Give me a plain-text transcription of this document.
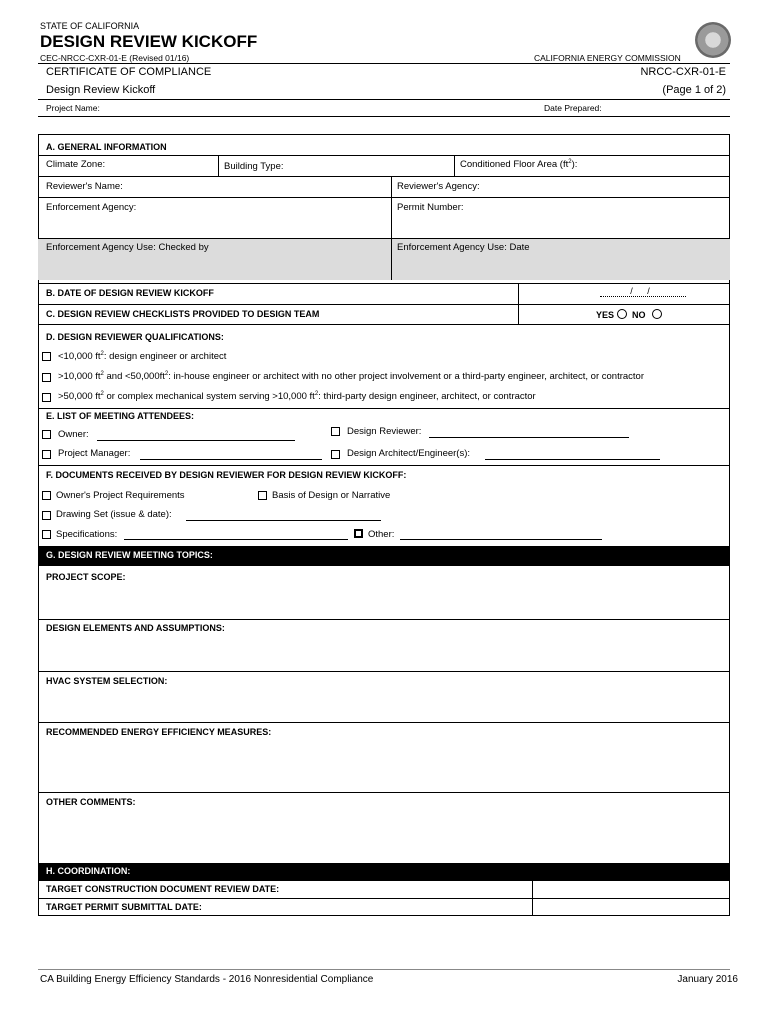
STATE OF CALIFORNIA
DESIGN REVIEW KICKOFF
CEC-NRCC-CXR-01-E (Revised 01/16)	CALIFORNIA ENERGY COMMISSION
CERTIFICATE OF COMPLIANCE
Design Review Kickoff
NRCC-CXR-01-E
(Page 1 of 2)
Project Name:	Date Prepared:
A. GENERAL INFORMATION
Climate Zone:	Building Type:	Conditioned Floor Area $(ft^2)$:
Reviewer's Name:	Reviewer's Agency:
Enforcement Agency:	Permit Number:
Enforcement Agency Use: Checked by	Enforcement Agency Use: Date
B. DATE OF DESIGN REVIEW KICKOFF	/ /
C. DESIGN REVIEW CHECKLISTS PROVIDED TO DESIGN TEAM	YES NO
D. DESIGN REVIEWER QUALIFICATIONS:
<10,000 $ft^2$: design engineer or architect
>10,000 $ft^2$ and $<50,000ft^2$: in-house engineer or architect with no other project involvement or a third-party engineer, architect, or contractor
>50,000 $ft^2$ or complex mechanical system serving >10,000 $ft^2$: third-party design engineer, architect, or contractor
E. LIST OF MEETING ATTENDEES:
Owner:	Design Reviewer:
Project Manager:	Design Architect/Engineer(s):
F. DOCUMENTS RECEIVED BY DESIGN REVIEWER FOR DESIGN REVIEW KICKOFF:
Owner's Project Requirements	Basis of Design or Narrative
Drawing Set (issue & date):
Specifications:	Other:
G. DESIGN REVIEW MEETING TOPICS:
PROJECT SCOPE:
DESIGN ELEMENTS AND ASSUMPTIONS:
HVAC SYSTEM SELECTION:
RECOMMENDED ENERGY EFFICIENCY MEASURES:
OTHER COMMENTS:
H. COORDINATION:
TARGET CONSTRUCTION DOCUMENT REVIEW DATE:
TARGET PERMIT SUBMITTAL DATE:
CA Building Energy Efficiency Standards - 2016 Nonresidential Compliance	January 2016
